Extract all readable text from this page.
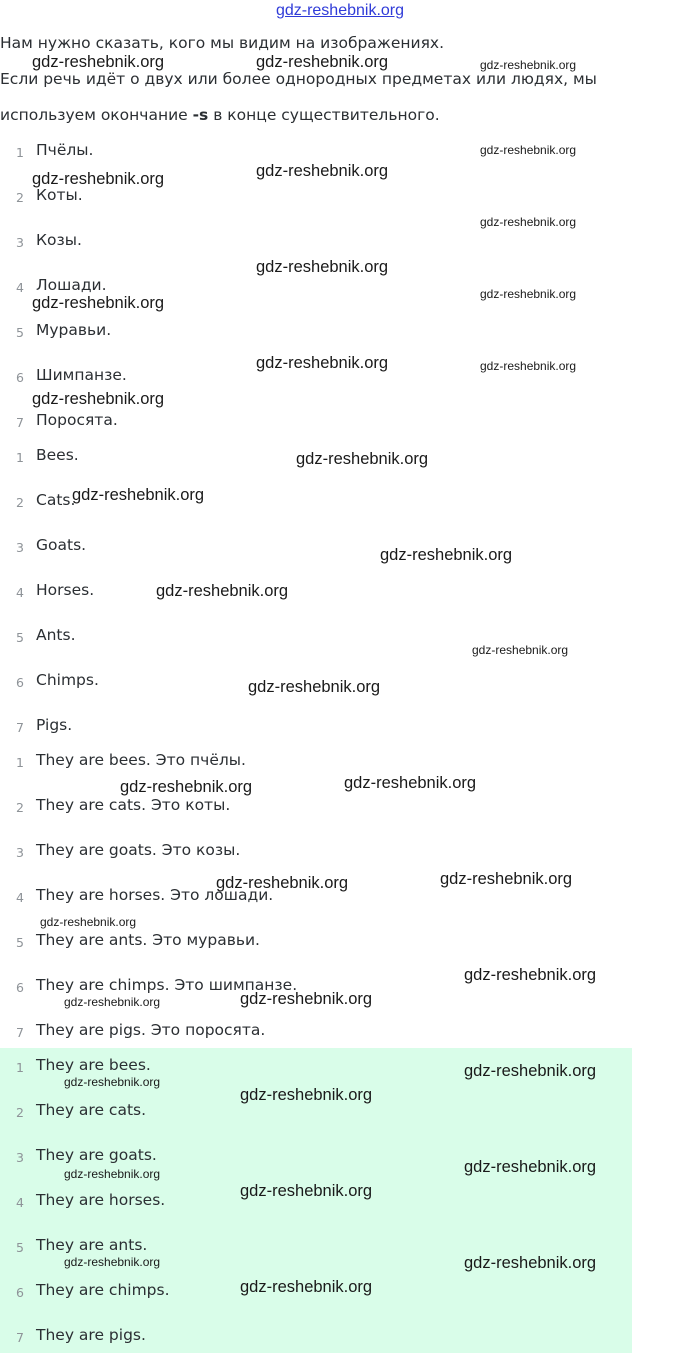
gdz-reshebnik.org

Нам нужно сказать, кого мы видим на изображениях.

Если речь идёт о двух или более однородных предметах или людях, мы

используем окончание -s в конце существительного.

1 Пчёлы.
2 Коты.
3 Козы.
4 Лошади.
5 Муравьи.
6 Шимпанзе.
7 Поросята.
1 Bees.
2 Cats.
3 Goats.
4 Horses.
5 Ants.
6 Chimps.
7 Pigs.
1 They are bees. Это пчёлы.
2 They are cats. Это коты.
3 They are goats. Это козы.
4 They are horses. Это лошади.
5 They are ants. Это муравьи.
6 They are chimps. Это шимпанзе.
7 They are pigs. Это поросята.
1 They are bees.
2 They are cats.
3 They are goats.
4 They are horses.
5 They are ants.
6 They are chimps.
7 They are pigs.
gdz-reshebnik.org	gdz-reshebnik.org	gdz-reshebnik.org
gdz-reshebnik.org
gdz-reshebnik.org
gdz-reshebnik.org
gdz-reshebnik.org
gdz-reshebnik.org
gdz-reshebnik.org
gdz-reshebnik.org
gdz-reshebnik.org	gdz-reshebnik.org
gdz-reshebnik.org
gdz-reshebnik.org
gdz-reshebnik.org
gdz-reshebnik.org
gdz-reshebnik.org
gdz-reshebnik.org
gdz-reshebnik.org
gdz-reshebnik.org
gdz-reshebnik.org
gdz-reshebnik.org
gdz-reshebnik.org
gdz-reshebnik.org
gdz-reshebnik.org
gdz-reshebnik.org
gdz-reshebnik.org
gdz-reshebnik.org
gdz-reshebnik.org
gdz-reshebnik.org
gdz-reshebnik.org
gdz-reshebnik.org
gdz-reshebnik.org
gdz-reshebnik.org
gdz-reshebnik.org
gdz-reshebnik.org
